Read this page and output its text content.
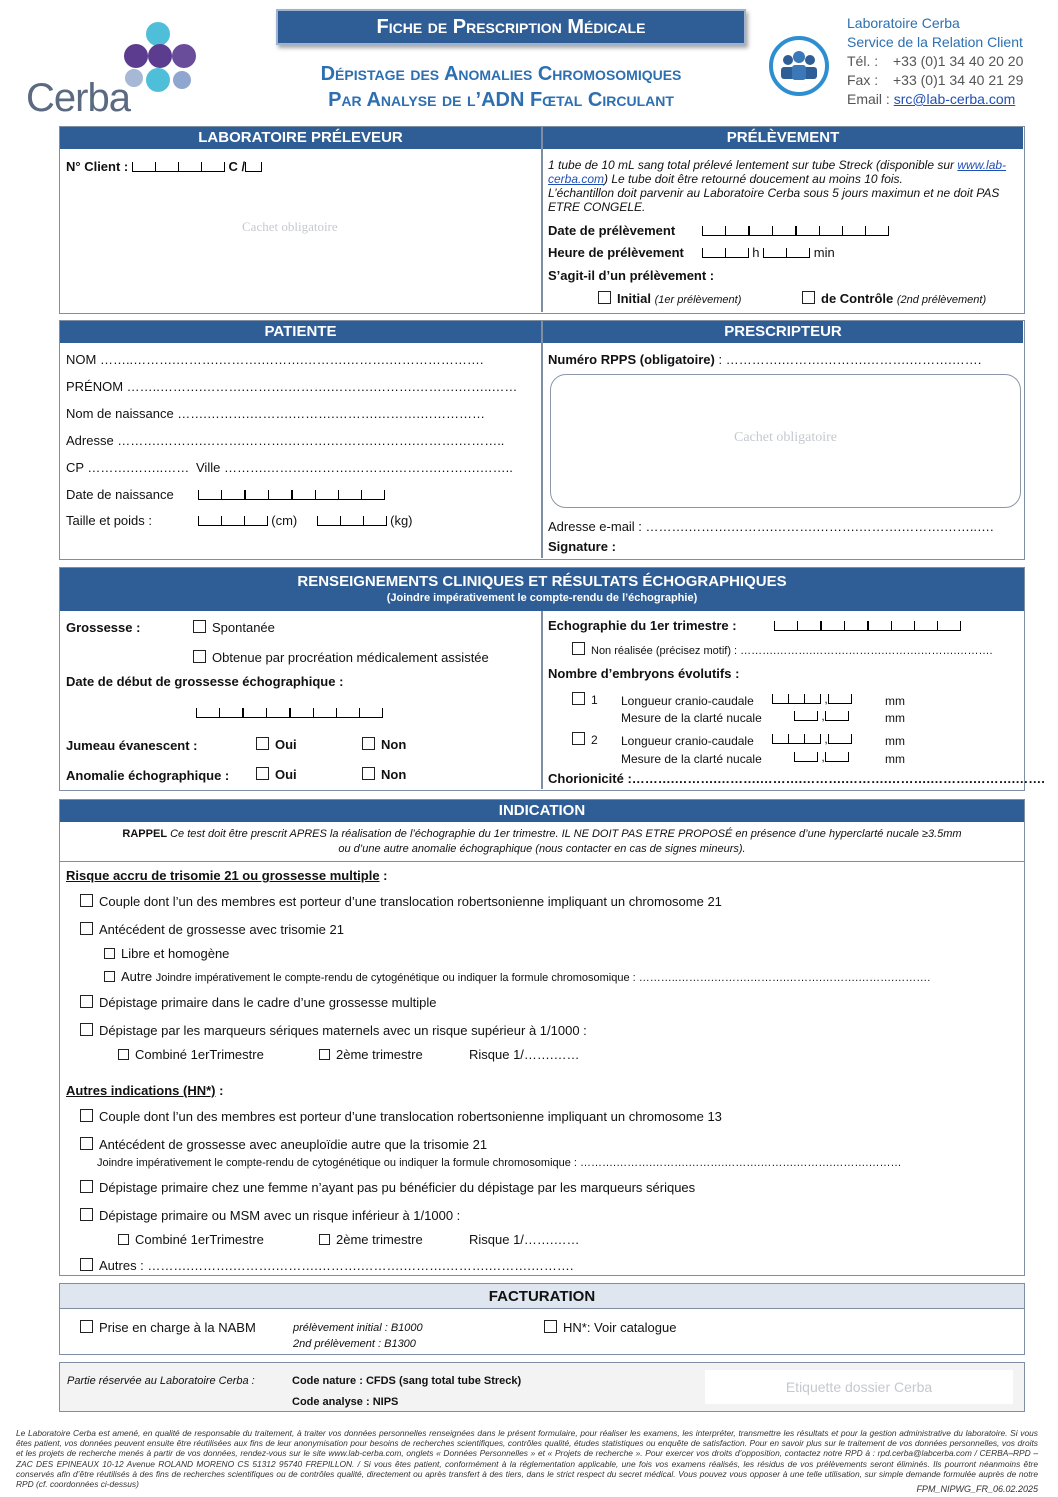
Cerba
Fiche de Prescription Médicale
Dépistage des Anomalies Chromosomiques
Par Analyse de l’ADN Fœtal Circulant
Laboratoire Cerba
Service de la Relation Client
Tél. : +33 (0)1 34 40 20 20
Fax : +33 (0)1 34 40 21 29
Email : src@lab-cerba.com
LABORATOIRE PRÉLEVEUR	PRÉLÈVEMENT
N° Client :	C /
Cachet obligatoire
1 tube de 10 mL sang total prélevé lentement sur tube Streck (disponible sur www.lab-cerba.com) Le tube doit être retourné doucement au moins 10 fois.
L’échantillon doit parvenir au Laboratoire Cerba sous 5 jours maximun et ne doit PAS ETRE CONGELE.
Date de prélèvement
Heure de prélèvement	h	min
S’agit-il d’un prélèvement :
Initial (1er prélèvement)	de Contrôle (2nd prélèvement)
PATIENTE	PRESCRIPTEUR
NOM ……..……….……….……….……….……….……….………………….
PRÉNOM ……..……….……….……….……….……….……….……….……..……
Nom de naissance …….……….……….……….……….……….……………
Adresse ……….……….……….……….……….……….……….……….………..
CP ……….……..…… Ville ……….……….……….……….……….……….……..
Date de naissance
Taille et poids :	(cm)	(kg)
Numéro RPPS (obligatoire) : ………….……….……….……….……….…….
Cachet obligatoire
Adresse e-mail : ……….……….……….……….……….……….……….……..….
Signature :
RENSEIGNEMENTS CLINIQUES ET RÉSULTATS ÉCHOGRAPHIQUES
(Joindre impérativement le compte-rendu de l’échographie)
Grossesse :	Spontanée
Obtenue par procréation médicalement assistée
Date de début de grossesse échographique :
Jumeau évanescent :	Oui	Non
Anomalie échographique :	Oui	Non
Echographie du 1er trimestre :
Non réalisée (précisez motif) : ……….……….……….……….……….……….……….
Nombre d’embryons évolutifs :
1 Longueur cranio-caudale	,	mm
Mesure de la clarté nucale	,	mm
2 Longueur cranio-caudale	,	mm
Mesure de la clarté nucale	,	mm
Chorionicité :……….……….……….……….……….……….……….……….……….…….
INDICATION
RAPPEL Ce test doit être prescrit APRES la réalisation de l’échographie du 1er trimestre. IL NE DOIT PAS ETRE PROPOSÉ en présence d’une hyperclarté nucale ≥3.5mm
ou d’une autre anomalie échographique (nous contacter en cas de signes mineurs).
Risque accru de trisomie 21 ou grossesse multiple :
Couple dont l’un des membres est porteur d’une translocation robertsonienne impliquant un chromosome 21
Antécédent de grossesse avec trisomie 21
Libre et homogène
Autre Joindre impérativement le compte-rendu de cytogénétique ou indiquer la formule chromosomique : ………..……….……….……….……….……….……….……….
Dépistage primaire dans le cadre d’une grossesse multiple
Dépistage par les marqueurs sériques maternels avec un risque supérieur à 1/1000 :
Combiné 1erTrimestre	2ème trimestre	Risque 1/…….……
Autres indications (HN*) :
Couple dont l’un des membres est porteur d’une translocation robertsonienne impliquant un chromosome 13
Antécédent de grossesse avec aneuploïdie autre que la trisomie 21
Joindre impérativement le compte-rendu de cytogénétique ou indiquer la formule chromosomique : ……….……….……….……….……….……….……….……….………
Dépistage primaire chez une femme n’ayant pas pu bénéficier du dépistage par les marqueurs sériques
Dépistage primaire ou MSM avec un risque inférieur à 1/1000 :
Combiné 1erTrimestre	2ème trimestre	Risque 1/…….……
Autres : ……….……….……….……….……….……….……….……….……….……….
FACTURATION
Prise en charge à la NABM	prélèvement initial : B1000
2nd prélèvement : B1300
HN*: Voir catalogue
Partie réservée au Laboratoire Cerba :	Code nature : CFDS (sang total tube Streck)
Code analyse : NIPS
Etiquette dossier Cerba
Le Laboratoire Cerba est amené, en qualité de responsable du traitement, à traiter vos données personnelles renseignées dans le présent formulaire, pour réaliser les examens, les interpréter, transmettre les résultats et pour la gestion administrative du laboratoire. Si vous êtes patient, vos données peuvent ensuite être réutilisées aux fins de leur anonymisation pour besoins de recherches scientifiques, contrôles qualité, études statistiques ou enquête de satisfaction. Pour en savoir plus sur le traitement de vos données personnelles, vos droits et les projets de recherche menés à partir de vos données, rendez-vous sur le site www.lab-cerba.com, onglets « Données Personnelles » et « Projets de recherche ». Pour exercer vos droits d’opposition, contactez notre RPD à : rpd.cerba@labcerba.com / CERBA–RPD – ZAC DES EPINEAUX 10-12 Avenue ROLAND MORENO CS 51312 95740 FREPILLON. / Si vous êtes patient, conformément à la réglementation applicable, une fois vos examens réalisés, les résidus de vos prélèvements seront éliminés. Ils pourront néanmoins être conservés afin d’être réutilisés à des fins de recherches scientifiques ou de contrôles qualité, directement ou après transfert à des tiers, dans le strict respect du secret médical. Vous pouvez vous opposer à une telle utilisation, sur simple demande formulée auprès de notre RPD (cf. coordonnées ci-dessus)	FPM_NIPWG_FR_06.02.2025
